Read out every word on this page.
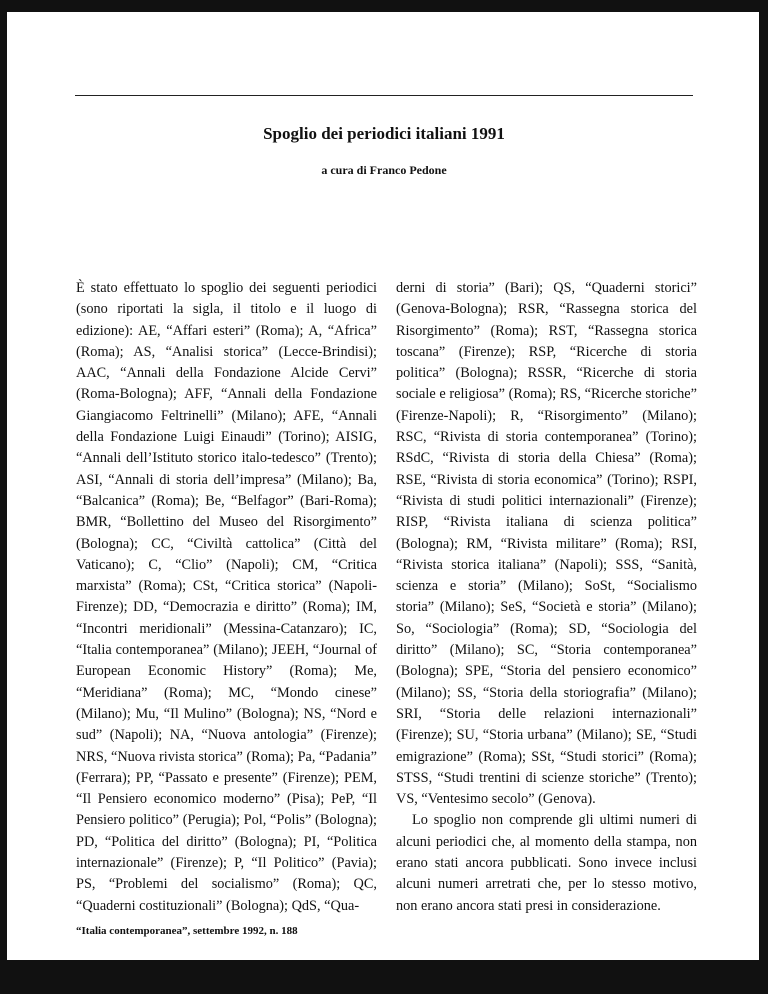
Spoglio dei periodici italiani 1991
a cura di Franco Pedone

È stato effettuato lo spoglio dei seguenti periodici (sono riportati la sigla, il titolo e il luogo di edizione): AE, “Affari esteri” (Roma); A, “Africa” (Roma); AS, “Analisi storica” (Lecce-Brindisi); AAC, “Annali della Fondazione Alcide Cervi” (Roma-Bologna); AFF, “Annali della Fondazione Giangiacomo Feltrinelli” (Milano); AFE, “Annali della Fondazione Luigi Einaudi” (Torino); AISIG, “Annali dell’Istituto storico italo-tedesco” (Trento); ASI, “Annali di storia dell’impresa” (Milano); Ba, “Balcanica” (Roma); Be, “Belfagor” (Bari-Roma); BMR, “Bollettino del Museo del Risorgimento” (Bologna); CC, “Civiltà cattolica” (Città del Vaticano); C, “Clio” (Napoli); CM, “Critica marxista” (Roma); CSt, “Critica storica” (Napoli-Firenze); DD, “Democrazia e diritto” (Roma); IM, “Incontri meridionali” (Messina-Catanzaro); IC, “Italia contemporanea” (Milano); JEEH, “Journal of European Economic History” (Roma); Me, “Meridiana” (Roma); MC, “Mondo cinese” (Milano); Mu, “Il Mulino” (Bologna); NS, “Nord e sud” (Napoli); NA, “Nuova antologia” (Firenze); NRS, “Nuova rivista storica” (Roma); Pa, “Padania” (Ferrara); PP, “Passato e presente” (Firenze); PEM, “Il Pensiero economico moderno” (Pisa); PeP, “Il Pensiero politico” (Perugia); Pol, “Polis” (Bologna); PD, “Politica del diritto” (Bologna); PI, “Politica internazionale” (Firenze); P, “Il Politico” (Pavia); PS, “Problemi del socialismo” (Roma); QC, “Quaderni costituzionali” (Bologna); QdS, “Qua-

derni di storia” (Bari); QS, “Quaderni storici” (Genova-Bologna); RSR, “Rassegna storica del Risorgimento” (Roma); RST, “Rassegna storica toscana” (Firenze); RSP, “Ricerche di storia politica” (Bologna); RSSR, “Ricerche di storia sociale e religiosa” (Roma); RS, “Ricerche storiche” (Firenze-Napoli); R, “Risorgimento” (Milano); RSC, “Rivista di storia contemporanea” (Torino); RSdC, “Rivista di storia della Chiesa” (Roma); RSE, “Rivista di storia economica” (Torino); RSPI, “Rivista di studi politici internazionali” (Firenze); RISP, “Rivista italiana di scienza politica” (Bologna); RM, “Rivista militare” (Roma); RSI, “Rivista storica italiana” (Napoli); SSS, “Sanità, scienza e storia” (Milano); SoSt, “Socialismo storia” (Milano); SeS, “Società e storia” (Milano); So, “Sociologia” (Roma); SD, “Sociologia del diritto” (Milano); SC, “Storia contemporanea” (Bologna); SPE, “Storia del pensiero economico” (Milano); SS, “Storia della storiografia” (Milano); SRI, “Storia delle relazioni internazionali” (Firenze); SU, “Storia urbana” (Milano); SE, “Studi emigrazione” (Roma); SSt, “Studi storici” (Roma); STSS, “Studi trentini di scienze storiche” (Trento); VS, “Ventesimo secolo” (Genova).

Lo spoglio non comprende gli ultimi numeri di alcuni periodici che, al momento della stampa, non erano stati ancora pubblicati. Sono invece inclusi alcuni numeri arretrati che, per lo stesso motivo, non erano ancora stati presi in considerazione.

“Italia contemporanea”, settembre 1992, n. 188
